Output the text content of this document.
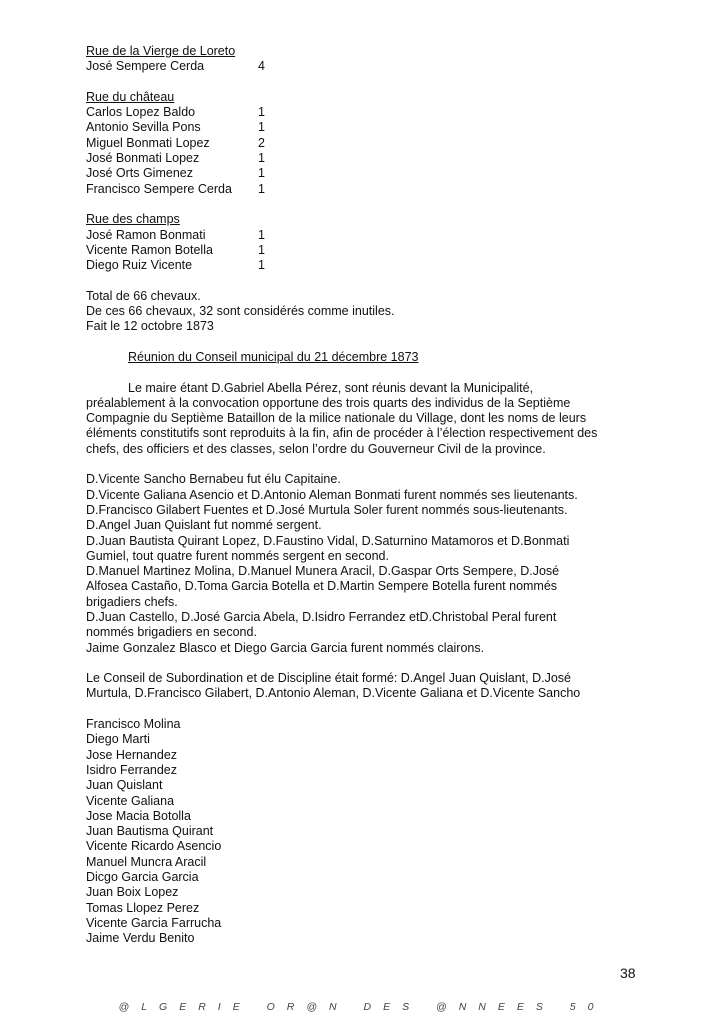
Rue de la Vierge de Loreto
José Sempere Cerda	4
Rue du château
Carlos Lopez Baldo	1
Antonio Sevilla Pons	1
Miguel Bonmati Lopez	2
José Bonmati Lopez	1
José Orts Gimenez	1
Francisco Sempere Cerda	1
Rue des champs
José Ramon Bonmati	1
Vicente Ramon Botella	1
Diego Ruiz Vicente	1
Total de 66 chevaux.
De ces 66 chevaux, 32 sont considérés comme inutiles.
Fait le 12 octobre 1873
Réunion du Conseil municipal du 21 décembre 1873
Le maire étant D.Gabriel Abella Pérez, sont réunis devant la Municipalité,
préalablement à la convocation opportune des trois quarts des individus de la Septième
Compagnie du Septième Bataillon de la milice nationale du Village, dont les noms de leurs
éléments constitutifs sont reproduits à la fin, afin de procéder à l’élection respectivement des
chefs, des officiers et des classes, selon l’ordre du Gouverneur Civil de la province.
D.Vicente Sancho Bernabeu fut élu Capitaine.
D.Vicente Galiana Asencio et D.Antonio Aleman Bonmati furent nommés ses lieutenants.
D.Francisco Gilabert Fuentes et D.José Murtula Soler furent nommés sous-lieutenants.
D.Angel Juan Quislant fut nommé sergent.
D.Juan Bautista Quirant Lopez, D.Faustino Vidal, D.Saturnino Matamoros et D.Bonmati
Gumiel, tout quatre furent nommés sergent en second.
D.Manuel Martinez Molina, D.Manuel Munera Aracil, D.Gaspar Orts Sempere, D.José
Alfosea Castaño, D.Toma Garcia Botella et D.Martin Sempere Botella furent nommés
brigadiers chefs.
D.Juan Castello, D.José Garcia Abela, D.Isidro Ferrandez etD.Christobal Peral furent
nommés brigadiers en second.
Jaime Gonzalez Blasco et Diego Garcia Garcia furent nommés clairons.
Le Conseil de Subordination et de Discipline était formé: D.Angel Juan Quislant, D.José
Murtula, D.Francisco Gilabert, D.Antonio Aleman, D.Vicente Galiana et D.Vicente Sancho
Francisco Molina
Diego Marti
Jose Hernandez
Isidro Ferrandez
Juan Quislant
Vicente Galiana
Jose Macia Botolla
Juan Bautisma Quirant
Vicente Ricardo Asencio
Manuel Muncra Aracil
Dicgo Garcia Garcia
Juan Boix Lopez
Tomas Llopez Perez
Vicente Garcia Farrucha
Jaime Verdu Benito
38
@LGERIE OR@N DES @NNEES 50
